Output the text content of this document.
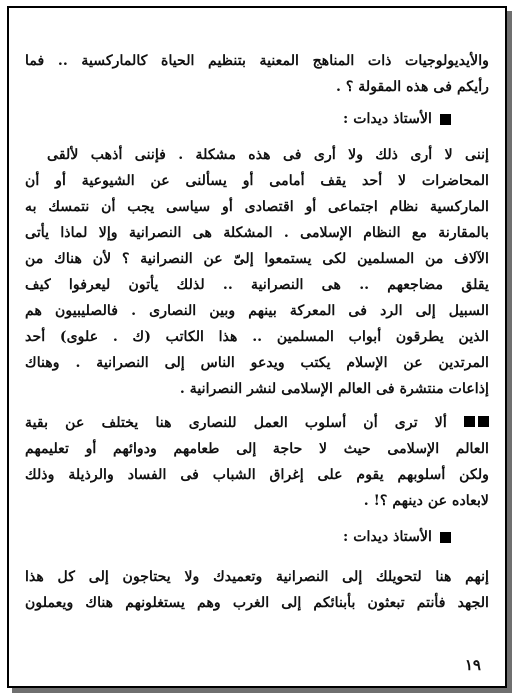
والأيديولوجيات ذات المناهج المعنية بتنظيم الحياة كالماركسية .. فما
رأيكم فى هذه المقولة ؟ .
الأستاذ ديدات :
إننى لا أرى ذلك ولا أرى فى هذه مشكلة . فإننى أذهب لألقى
المحاضرات لا أحد يقف أمامى أو يسألنى عن الشيوعية أو أن
الماركسية نظام اجتماعى أو اقتصادى أو سياسى يجب أن نتمسك به
بالمقارنة مع النظام الإسلامى . المشكلة هى النصرانية وإلا لماذا يأتى
الآلاف من المسلمين لكى يستمعوا إلىّ عن النصرانية ؟ لأن هناك من
يقلق مضاجعهم .. هى النصرانية .. لذلك يأتون ليعرفوا كيف
السبيل إلى الرد فى المعركة بينهم وبين النصارى . فالصليبيون هم
الذين يطرقون أبواب المسلمين .. هذا الكاتب (ك . علوى) أحد
المرتدين عن الإسلام يكتب ويدعو الناس إلى النصرانية . وهناك
إذاعات منتشرة فى العالم الإسلامى لنشر النصرانية .
ألا ترى أن أسلوب العمل للنصارى هنا يختلف عن بقية
العالم الإسلامى حيث لا حاجة إلى طعامهم ودوائهم أو تعليمهم
ولكن أسلوبهم يقوم على إغراق الشباب فى الفساد والرذيلة وذلك
لابعاده عن دينهم ؟! .
الأستاذ ديدات :
إنهم هنا لتحويلك إلى النصرانية وتعميدك ولا يحتاجون إلى كل هذا
الجهد فأنتم تبعثون بأبنائكم إلى الغرب وهم يستغلونهم هناك ويعملون
١٩
